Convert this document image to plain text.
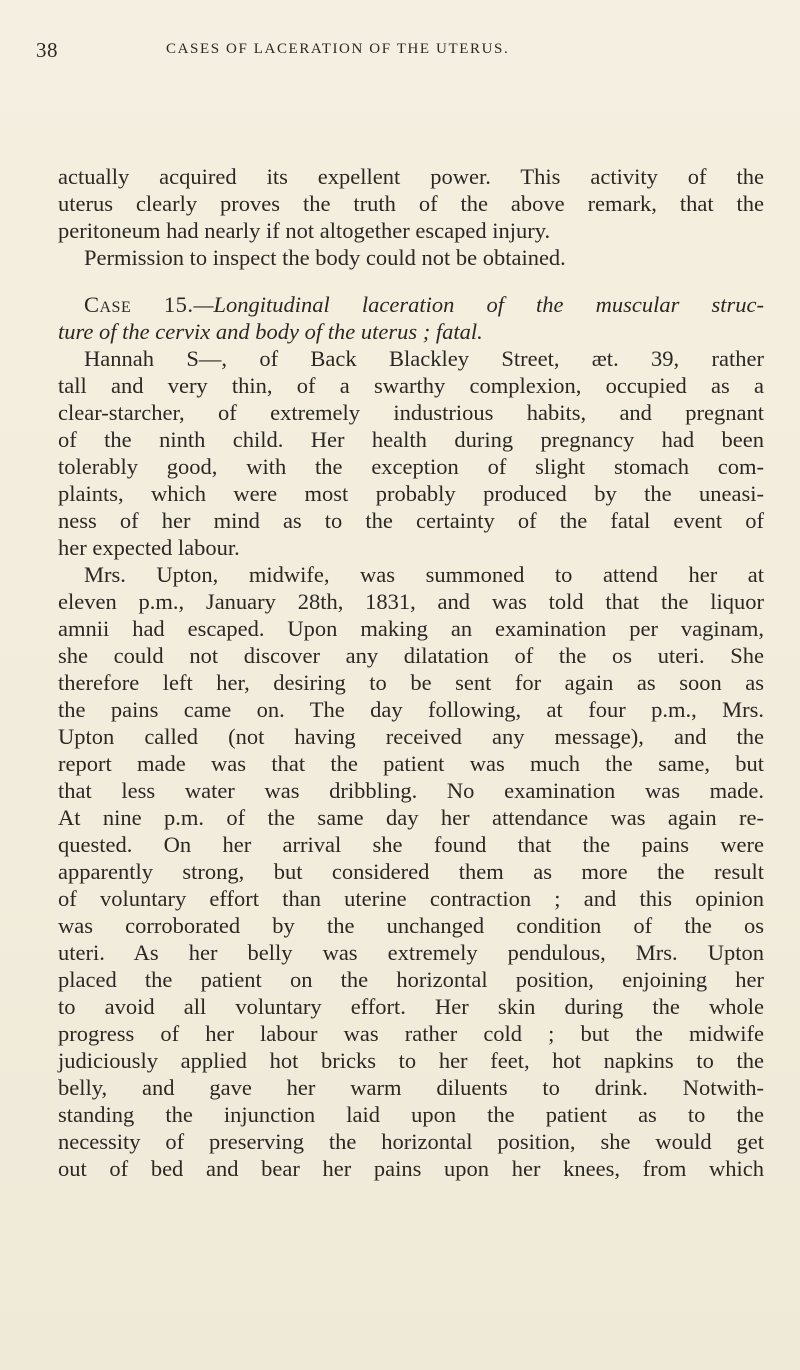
38	CASES OF LACERATION OF THE UTERUS.
actually acquired its expellent power. This activity of the
uterus clearly proves the truth of the above remark, that the
peritoneum had nearly if not altogether escaped injury.
Permission to inspect the body could not be obtained.
Case 15.—Longitudinal laceration of the muscular struc-
ture of the cervix and body of the uterus ; fatal.
Hannah S—, of Back Blackley Street, æt. 39, rather
tall and very thin, of a swarthy complexion, occupied as a
clear-starcher, of extremely industrious habits, and pregnant
of the ninth child. Her health during pregnancy had been
tolerably good, with the exception of slight stomach com-
plaints, which were most probably produced by the uneasi-
ness of her mind as to the certainty of the fatal event of
her expected labour.
Mrs. Upton, midwife, was summoned to attend her at
eleven p.m., January 28th, 1831, and was told that the liquor
amnii had escaped. Upon making an examination per vaginam,
she could not discover any dilatation of the os uteri. She
therefore left her, desiring to be sent for again as soon as
the pains came on. The day following, at four p.m., Mrs.
Upton called (not having received any message), and the
report made was that the patient was much the same, but
that less water was dribbling. No examination was made.
At nine p.m. of the same day her attendance was again re-
quested. On her arrival she found that the pains were
apparently strong, but considered them as more the result
of voluntary effort than uterine contraction ; and this opinion
was corroborated by the unchanged condition of the os
uteri. As her belly was extremely pendulous, Mrs. Upton
placed the patient on the horizontal position, enjoining her
to avoid all voluntary effort. Her skin during the whole
progress of her labour was rather cold ; but the midwife
judiciously applied hot bricks to her feet, hot napkins to the
belly, and gave her warm diluents to drink. Notwith-
standing the injunction laid upon the patient as to the
necessity of preserving the horizontal position, she would get
out of bed and bear her pains upon her knees, from which
